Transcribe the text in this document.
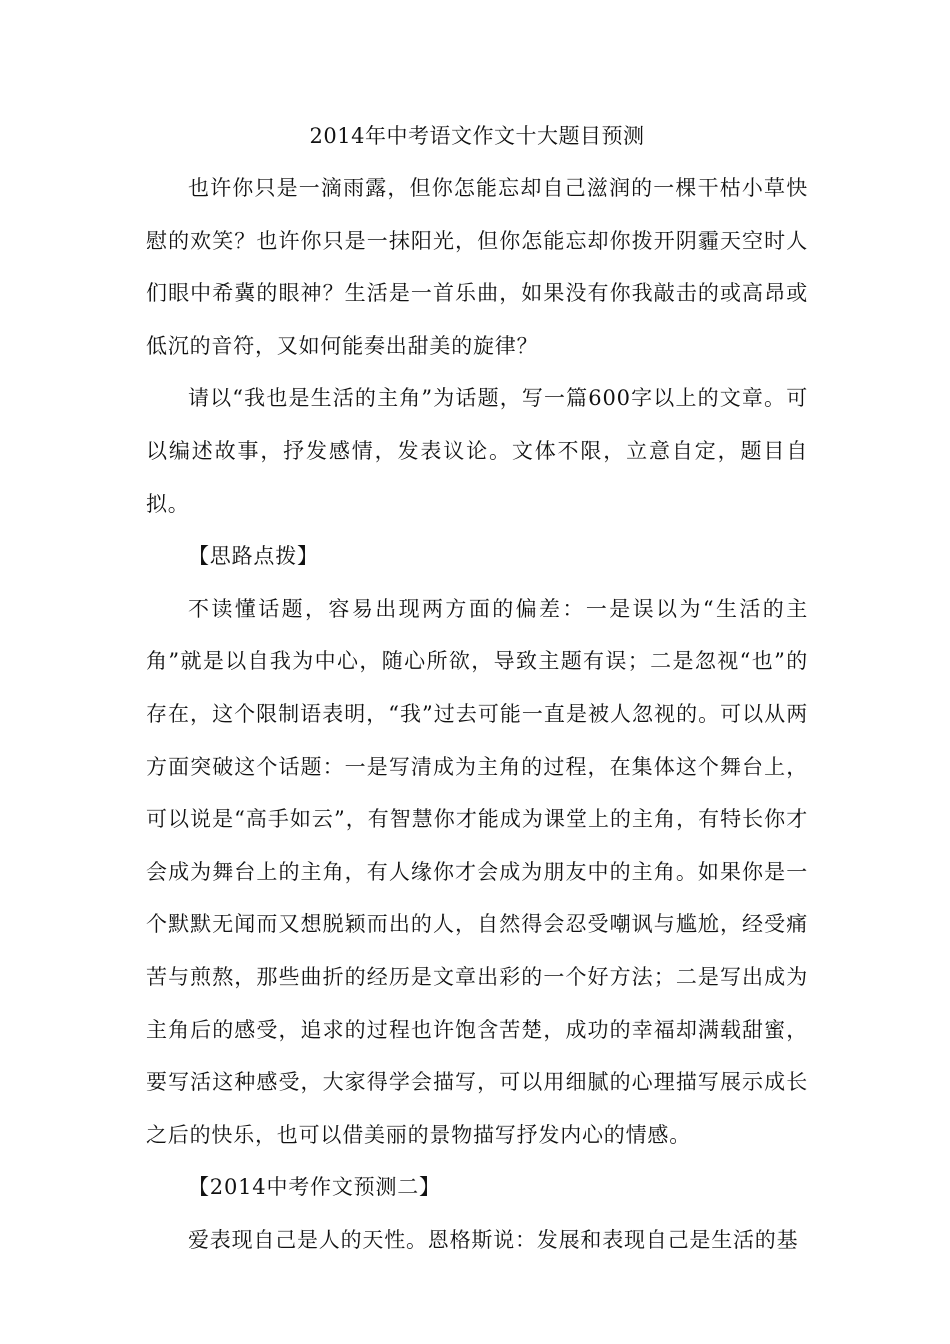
2014年中考语文作文十大题目预测

也许你只是一滴雨露，但你怎能忘却自己滋润的一棵干枯小草快慰的欢笑？也许你只是一抹阳光，但你怎能忘却你拨开阴霾天空时人们眼中希冀的眼神？生活是一首乐曲，如果没有你我敲击的或高昂或低沉的音符，又如何能奏出甜美的旋律？

请以“我也是生活的主角”为话题，写一篇600字以上的文章。可以编述故事，抒发感情，发表议论。文体不限，立意自定，题目自拟。

【思路点拨】

不读懂话题，容易出现两方面的偏差：一是误以为“生活的主角”就是以自我为中心，随心所欲，导致主题有误；二是忽视“也”的存在，这个限制语表明，“我”过去可能一直是被人忽视的。可以从两方面突破这个话题：一是写清成为主角的过程，在集体这个舞台上，可以说是“高手如云”，有智慧你才能成为课堂上的主角，有特长你才会成为舞台上的主角，有人缘你才会成为朋友中的主角。如果你是一个默默无闻而又想脱颖而出的人，自然得会忍受嘲讽与尴尬，经受痛苦与煎熬，那些曲折的经历是文章出彩的一个好方法；二是写出成为主角后的感受，追求的过程也许饱含苦楚，成功的幸福却满载甜蜜，要写活这种感受，大家得学会描写，可以用细腻的心理描写展示成长之后的快乐，也可以借美丽的景物描写抒发内心的情感。

【2014中考作文预测二】

爱表现自己是人的天性。恩格斯说：发展和表现自己是生活的基
